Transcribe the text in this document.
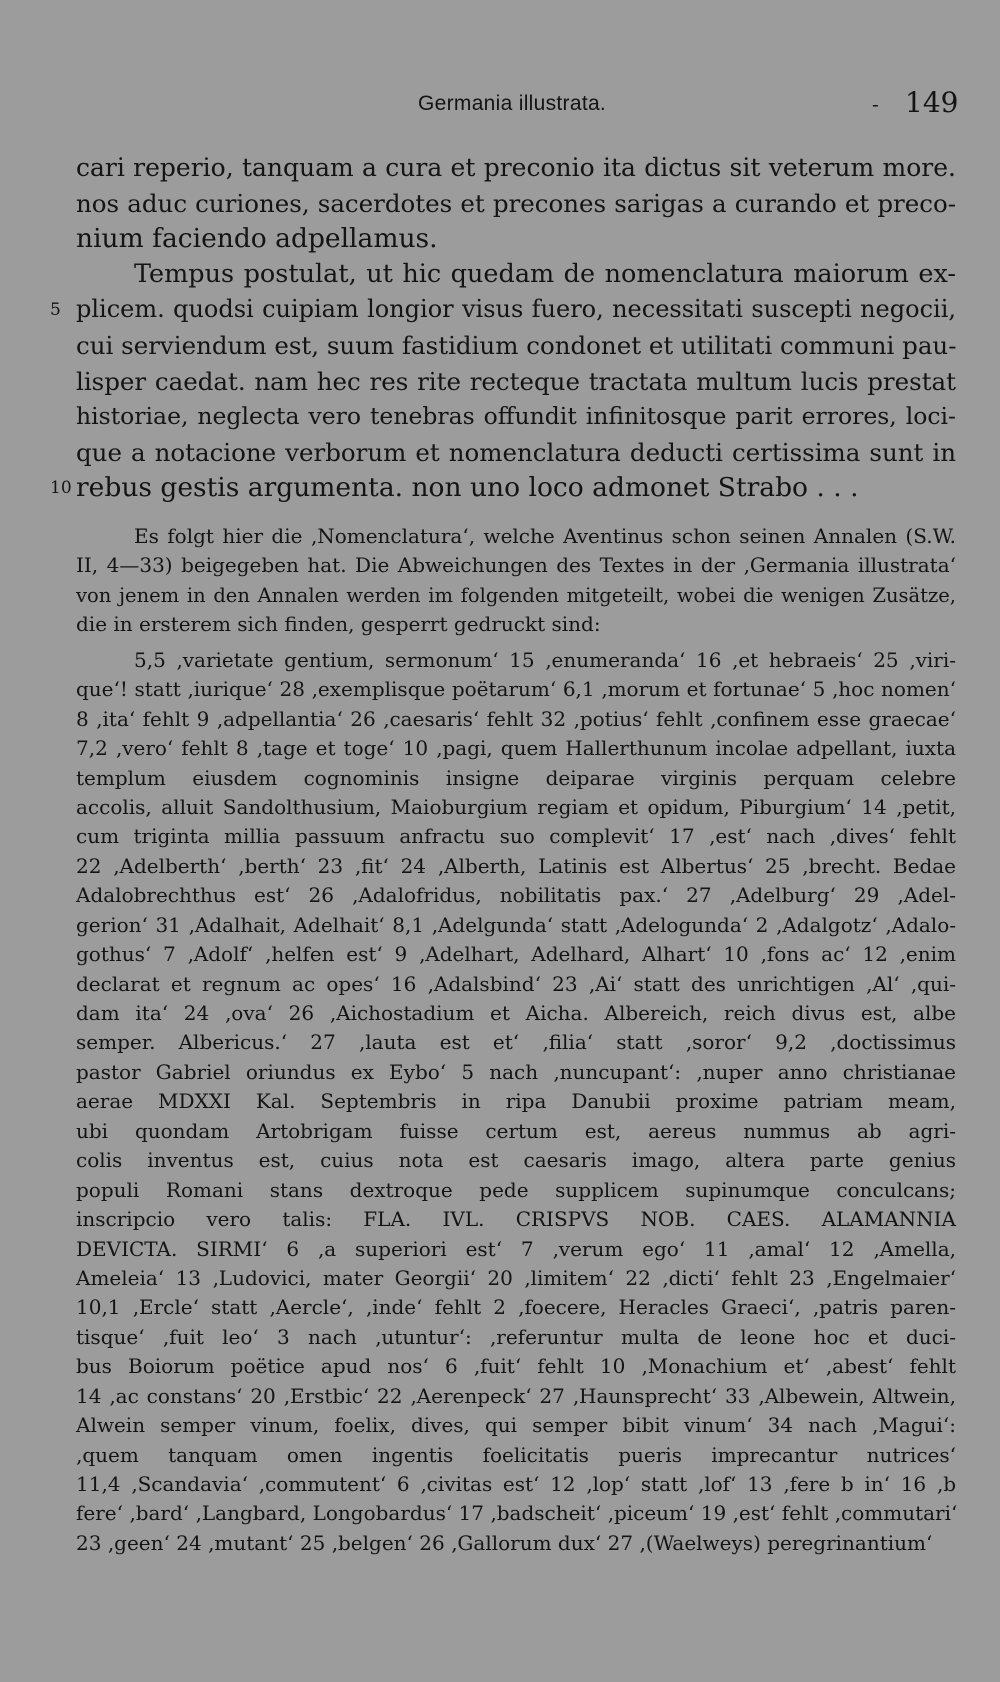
Germania illustrata.	- 149
cari reperio, tanquam a cura et preconio ita dictus sit veterum more.
nos aduc curiones, sacerdotes et precones sarigas a curando et preco-
nium faciendo adpellamus.
Tempus postulat, ut hic quedam de nomenclatura maiorum ex-
5 plicem. quodsi cuipiam longior visus fuero, necessitati suscepti negocii,
cui serviendum est, suum fastidium condonet et utilitati communi pau-
lisper caedat. nam hec res rite recteque tractata multum lucis prestat
historiae, neglecta vero tenebras offundit infinitosque parit errores, loci-
que a notacione verborum et nomenclatura deducti certissima sunt in
10 rebus gestis argumenta. non uno loco admonet Strabo . . .
Es folgt hier die ‚Nomenclatura‘, welche Aventinus schon seinen Annalen (S.W.
II, 4—33) beigegeben hat. Die Abweichungen des Textes in der ‚Germania illustrata‘
von jenem in den Annalen werden im folgenden mitgeteilt, wobei die wenigen Zusätze,
die in ersterem sich finden, gesperrt gedruckt sind:
5,5 ‚varietate gentium, sermonum‘ 15 ‚enumeranda‘ 16 ‚et hebraeis‘ 25 ‚viri-
que‘! statt ‚iurique‘ 28 ‚exemplisque poëtarum‘ 6,1 ‚morum et fortunae‘ 5 ‚hoc nomen‘
8 ‚ita‘ fehlt 9 ‚adpellantia‘ 26 ‚caesaris‘ fehlt 32 ‚potius‘ fehlt ‚confinem esse graecae‘
7,2 ‚vero‘ fehlt 8 ‚tage et toge‘ 10 ‚pagi, quem Hallerthunum incolae adpellant, iuxta
templum eiusdem cognominis insigne deiparae virginis perquam celebre
accolis, alluit Sandolthusium, Maioburgium regiam et opidum, Piburgium‘ 14 ‚petit,
cum triginta millia passuum anfractu suo complevit‘ 17 ‚est‘ nach ‚dives‘ fehlt
22 ‚Adelberth‘ ‚berth‘ 23 ‚fit‘ 24 ‚Alberth, Latinis est Albertus‘ 25 ‚brecht. Bedae
Adalobrechthus est‘ 26 ‚Adalofridus, nobilitatis pax.‘ 27 ‚Adelburg‘ 29 ‚Adel-
gerion‘ 31 ‚Adalhait, Adelhait‘ 8,1 ‚Adelgunda‘ statt ‚Adelogunda‘ 2 ‚Adalgotz‘ ‚Adalo-
gothus‘ 7 ‚Adolf‘ ‚helfen est‘ 9 ‚Adelhart, Adelhard, Alhart‘ 10 ‚fons ac‘ 12 ‚enim
declarat et regnum ac opes‘ 16 ‚Adalsbind‘ 23 ‚Ai‘ statt des unrichtigen ‚Al‘ ‚qui-
dam ita‘ 24 ‚ova‘ 26 ‚Aichostadium et Aicha. Albereich, reich divus est, albe
semper. Albericus.‘ 27 ‚lauta est et‘ ‚filia‘ statt ‚soror‘ 9,2 ‚doctissimus
pastor Gabriel oriundus ex Eybo‘ 5 nach ‚nuncupant‘: ‚nuper anno christianae
aerae MDXXI Kal. Septembris in ripa Danubii proxime patriam meam,
ubi quondam Artobrigam fuisse certum est, aereus nummus ab agri-
colis inventus est, cuius nota est caesaris imago, altera parte genius
populi Romani stans dextroque pede supplicem supinumque conculcans;
inscripcio vero talis: FLA. IVL. CRISPVS NOB. CAES. ALAMANNIA
DEVICTA. SIRMI‘ 6 ‚a superiori est‘ 7 ‚verum ego‘ 11 ‚amal‘ 12 ‚Amella,
Ameleia‘ 13 ‚Ludovici, mater Georgii‘ 20 ‚limitem‘ 22 ‚dicti‘ fehlt 23 ‚Engelmaier‘
10,1 ‚Ercle‘ statt ‚Aercle‘, ‚inde‘ fehlt 2 ‚foecere, Heracles Graeci‘, ‚patris paren-
tisque‘ ‚fuit leo‘ 3 nach ‚utuntur‘: ‚referuntur multa de leone hoc et duci-
bus Boiorum poëtice apud nos‘ 6 ‚fuit‘ fehlt 10 ‚Monachium et‘ ‚abest‘ fehlt
14 ‚ac constans‘ 20 ‚Erstbic‘ 22 ‚Aerenpeck‘ 27 ‚Haunsprecht‘ 33 ‚Albewein, Altwein,
Alwein semper vinum, foelix, dives, qui semper bibit vinum‘ 34 nach ‚Magui‘:
‚quem tanquam omen ingentis foelicitatis pueris imprecantur nutrices‘
11,4 ‚Scandavia‘ ‚commutent‘ 6 ‚civitas est‘ 12 ‚lop‘ statt ‚lof‘ 13 ‚fere b in‘ 16 ‚b
fere‘ ‚bard‘ ‚Langbard, Longobardus‘ 17 ‚badscheit‘ ‚piceum‘ 19 ‚est‘ fehlt ‚commutari‘
23 ‚geen‘ 24 ‚mutant‘ 25 ‚belgen‘ 26 ‚Gallorum dux‘ 27 ‚(Waelweys) peregrinantium‘
